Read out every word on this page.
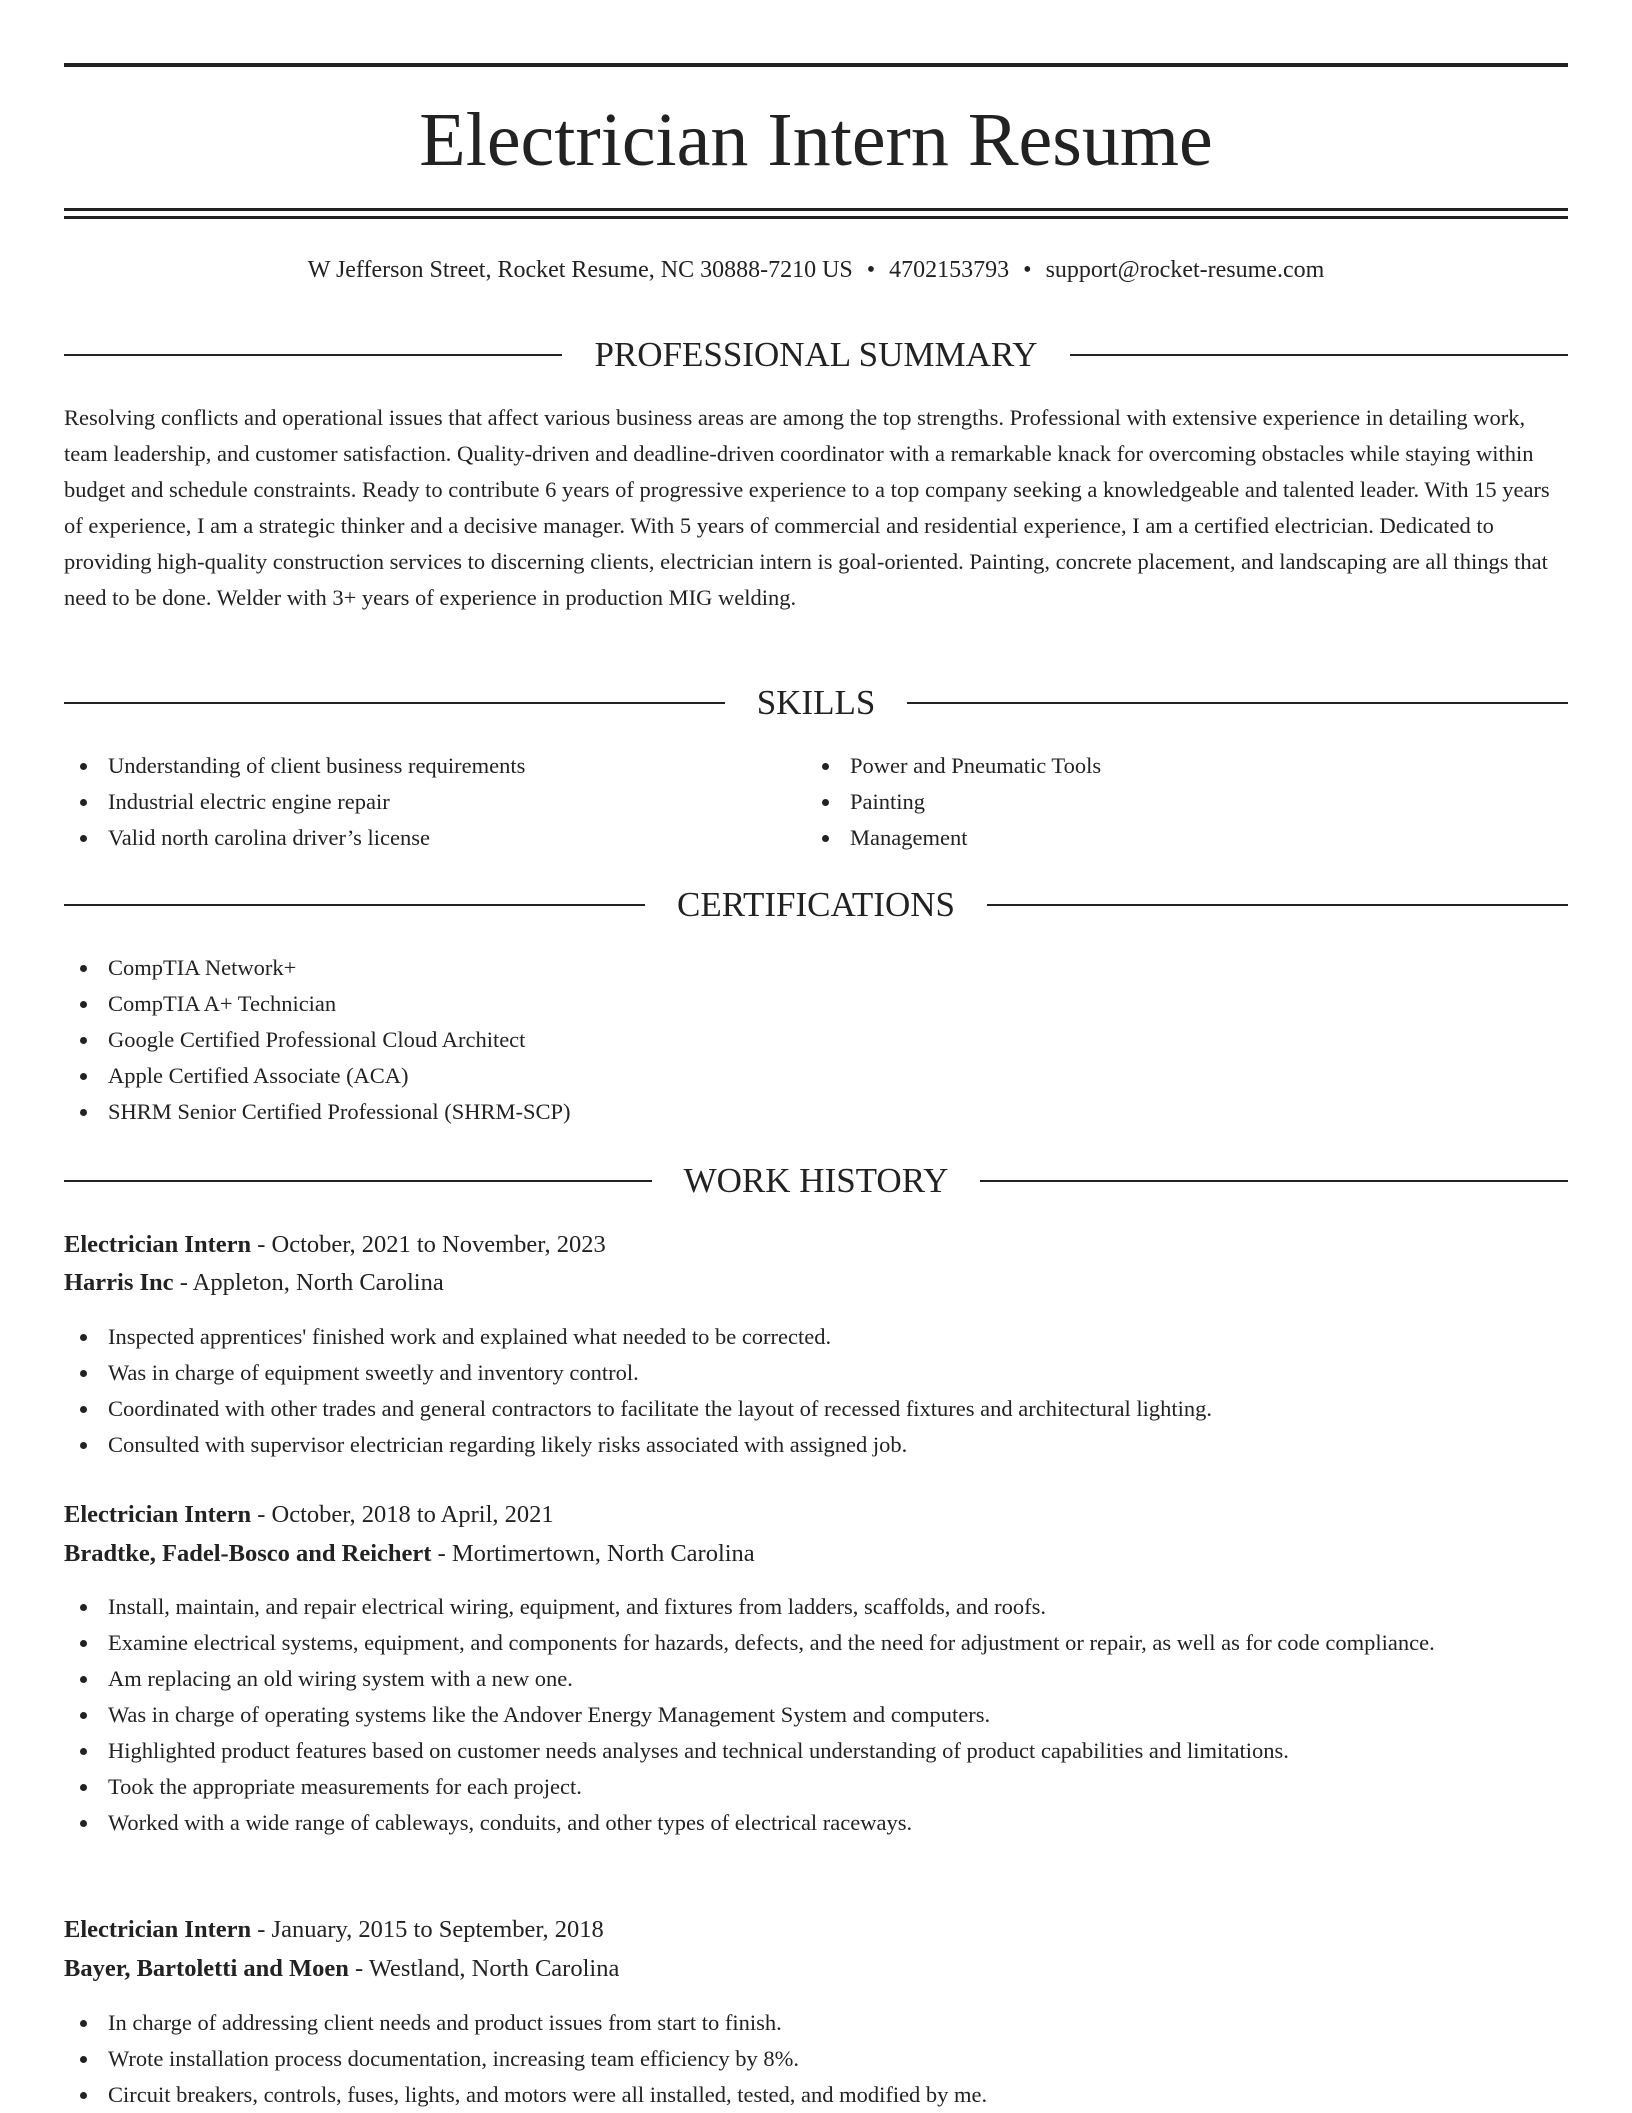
Electrician Intern Resume
W Jefferson Street, Rocket Resume, NC 30888-7210 US • 4702153793 • support@rocket-resume.com
PROFESSIONAL SUMMARY

Resolving conflicts and operational issues that affect various business areas are among the top strengths. Professional with extensive experience in detailing work, team leadership, and customer satisfaction. Quality-driven and deadline-driven coordinator with a remarkable knack for overcoming obstacles while staying within budget and schedule constraints. Ready to contribute 6 years of progressive experience to a top company seeking a knowledgeable and talented leader. With 15 years of experience, I am a strategic thinker and a decisive manager. With 5 years of commercial and residential experience, I am a certified electrician. Dedicated to providing high-quality construction services to discerning clients, electrician intern is goal-oriented. Painting, concrete placement, and landscaping are all things that need to be done. Welder with 3+ years of experience in production MIG welding.

SKILLS
Understanding of client business requirements
Industrial electric engine repair
Valid north carolina driver’s license
Power and Pneumatic Tools
Painting
Management
CERTIFICATIONS
CompTIA Network+
CompTIA A+ Technician
Google Certified Professional Cloud Architect
Apple Certified Associate (ACA)
SHRM Senior Certified Professional (SHRM-SCP)
WORK HISTORY
Electrician Intern - October, 2021 to November, 2023
Harris Inc - Appleton, North Carolina
Inspected apprentices' finished work and explained what needed to be corrected.
Was in charge of equipment sweetly and inventory control.
Coordinated with other trades and general contractors to facilitate the layout of recessed fixtures and architectural lighting.
Consulted with supervisor electrician regarding likely risks associated with assigned job.
Electrician Intern - October, 2018 to April, 2021
Bradtke, Fadel-Bosco and Reichert - Mortimertown, North Carolina
Install, maintain, and repair electrical wiring, equipment, and fixtures from ladders, scaffolds, and roofs.
Examine electrical systems, equipment, and components for hazards, defects, and the need for adjustment or repair, as well as for code compliance.
Am replacing an old wiring system with a new one.
Was in charge of operating systems like the Andover Energy Management System and computers.
Highlighted product features based on customer needs analyses and technical understanding of product capabilities and limitations.
Took the appropriate measurements for each project.
Worked with a wide range of cableways, conduits, and other types of electrical raceways.
Electrician Intern - January, 2015 to September, 2018
Bayer, Bartoletti and Moen - Westland, North Carolina
In charge of addressing client needs and product issues from start to finish.
Wrote installation process documentation, increasing team efficiency by 8%.
Circuit breakers, controls, fuses, lights, and motors were all installed, tested, and modified by me.
